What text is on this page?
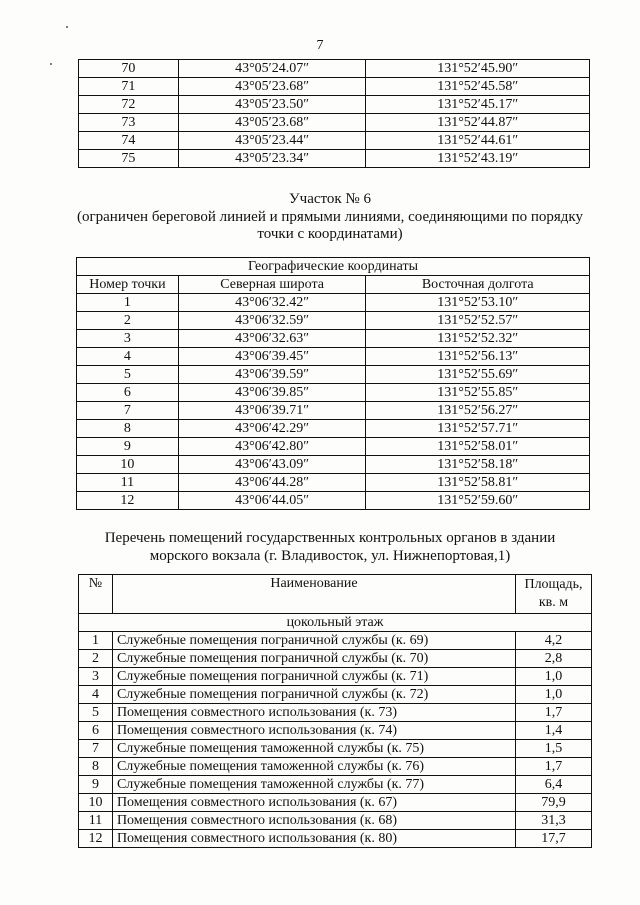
7
70	43°05′24.07″	131°52′45.90″
71	43°05′23.68″	131°52′45.58″
72	43°05′23.50″	131°52′45.17″
73	43°05′23.68″	131°52′44.87″
74	43°05′23.44″	131°52′44.61″
75	43°05′23.34″	131°52′43.19″
Участок № 6
(ограничен береговой линией и прямыми линиями, соединяющими по порядку
точки с координатами)
Географические координаты		
Номер точки	Северная широта	Восточная долгота
1	43°06′32.42″	131°52′53.10″
2	43°06′32.59″	131°52′52.57″
3	43°06′32.63″	131°52′52.32″
4	43°06′39.45″	131°52′56.13″
5	43°06′39.59″	131°52′55.69″
6	43°06′39.85″	131°52′55.85″
7	43°06′39.71″	131°52′56.27″
8	43°06′42.29″	131°52′57.71″
9	43°06′42.80″	131°52′58.01″
10	43°06′43.09″	131°52′58.18″
11	43°06′44.28″	131°52′58.81″
12	43°06′44.05″	131°52′59.60″
Перечень помещений государственных контрольных органов в здании
морского вокзала (г. Владивосток, ул. Нижнепортовая,1)
№	Наименование	Площадь,
кв. м
цокольный этаж		
1	Служебные помещения пограничной службы (к. 69)	4,2
2	Служебные помещения пограничной службы (к. 70)	2,8
3	Служебные помещения пограничной службы (к. 71)	1,0
4	Служебные помещения пограничной службы (к. 72)	1,0
5	Помещения совместного использования (к. 73)	1,7
6	Помещения совместного использования (к. 74)	1,4
7	Служебные помещения таможенной службы (к. 75)	1,5
8	Служебные помещения таможенной службы (к. 76)	1,7
9	Служебные помещения таможенной службы (к. 77)	6,4
10	Помещения совместного использования (к. 67)	79,9
11	Помещения совместного использования (к. 68)	31,3
12	Помещения совместного использования (к. 80)	17,7
